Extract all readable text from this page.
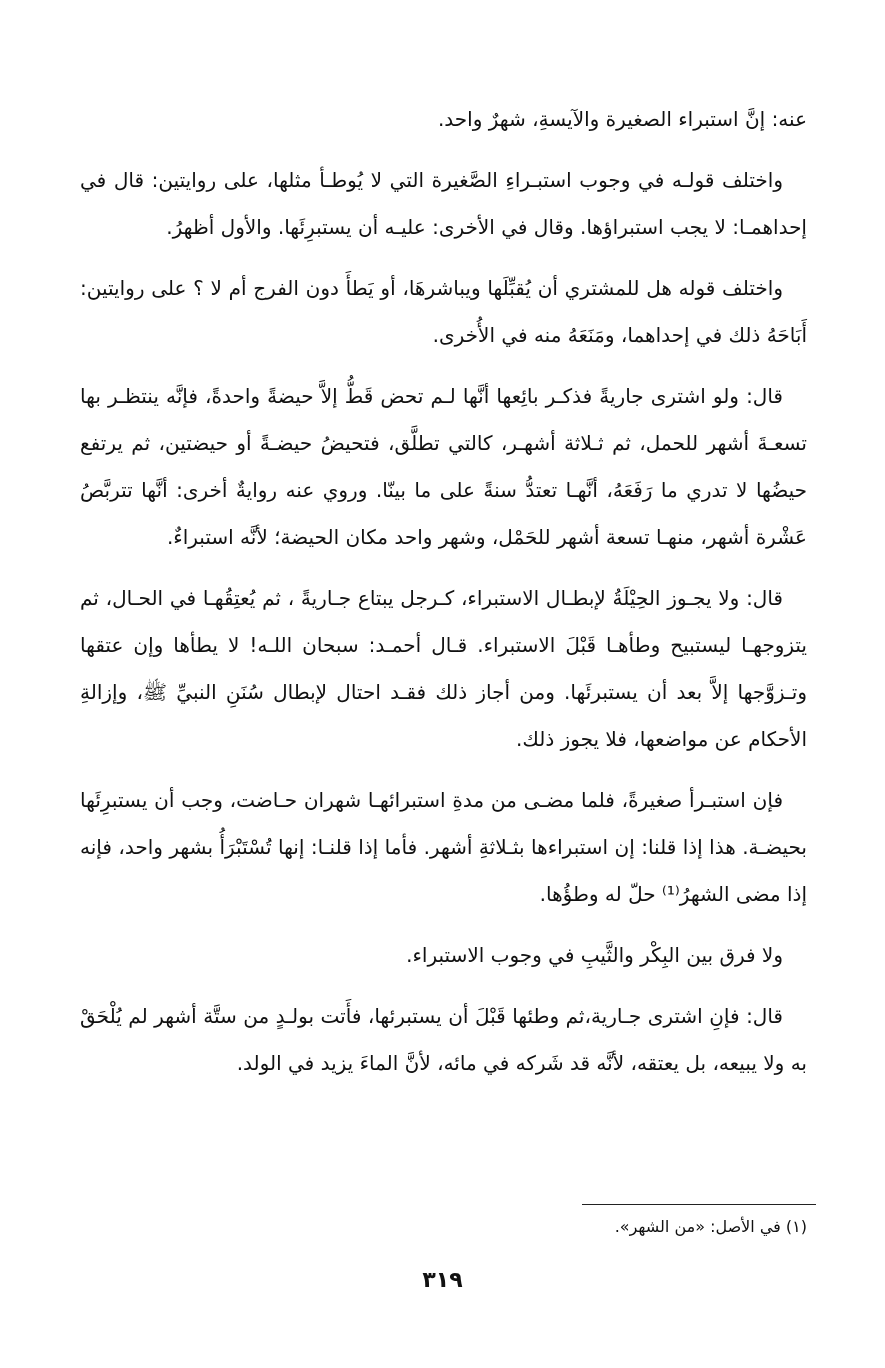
عنه: إنَّ استبراء الصغيرة والآيسةِ، شهرٌ واحد.

واختلف قولـه في وجوب استبـراءِ الصَّغيرة التي لا يُوطـأ مثلها، على روايتين: قال في إحداهمـا: لا يجب استبراؤها. وقال في الأخرى: عليـه أن يستبرِئَها. والأول أظهرُ.

واختلف قوله هل للمشتري أن يُقبِّلَها ويباشرهَا، أو يَطأَ دون الفرج أم لا ؟ على روايتين: أَبَاحَهُ ذلك في إحداهما، ومَنَعَهُ منه في الأُخرى.

قال: ولو اشترى جاريةً فذكـر بائِعها أنَّها لـم تحض قَطُّ إلاَّ حيضةً واحدةً، فإنَّه ينتظـر بها تسعـةَ أشهر للحمل، ثم ثـلاثة أشهـر، كالتي تطلَّق، فتحيضُ حيضـةً أو حيضتين، ثم يرتفع حيضُها لا تدري ما رَفَعَهُ، أنَّهـا تعتدُّ سنةً على ما بينّا. وروي عنه روايةٌ أخرى: أنَّها تتربَّصُ عَشْرة أشهر، منهـا تسعة أشهر للحَمْل، وشهر واحد مكان الحيضة؛ لأنَّه استبراءٌ.

قال: ولا يجـوز الحِيْلَةُ لإبطـال الاستبراء، كـرجل يبتاع جـاريةً ، ثم يُعتِقُهـا في الحـال، ثم يتزوجهـا ليستبيح وطأهـا قَبْلَ الاستبراء. قـال أحمـد: سبحان اللـه! لا يطأها وإن عتقها وتـزوَّجها إلاَّ بعد أن يستبرئَها. ومن أجاز ذلك فقـد احتال لإبطال سُنَنِ النبيِّ ﷺ، وإزالةِ الأحكام عن مواضعها، فلا يجوز ذلك.

فإن استبـرأ صغيرةً، فلما مضـى من مدةِ استبرائهـا شهران حـاضت، وجب أن يستبرِئَها بحيضـة. هذا إذا قلنا: إن استبراءها بثـلاثةِ أشهر. فأما إذا قلنـا: إنها تُسْتَبْرَأُ بشهر واحد، فإنه إذا مضى الشهرُ⁽¹⁾ حلّ له وطؤُها.

ولا فرق بين البِكْر والثَّيبِ في وجوب الاستبراء.

قال: فإنِ اشترى جـارية،ثم وطئها قَبْلَ أن يستبرئها، فأَتت بولـدٍ من ستَّة أشهر لم يُلْحَقْ به ولا يبيعه، بل يعتقه، لأنَّه قد شَركه في مائه، لأنَّ الماءَ يزيد في الولد.

(١) في الأصل: «من الشهر».
٣١٩
